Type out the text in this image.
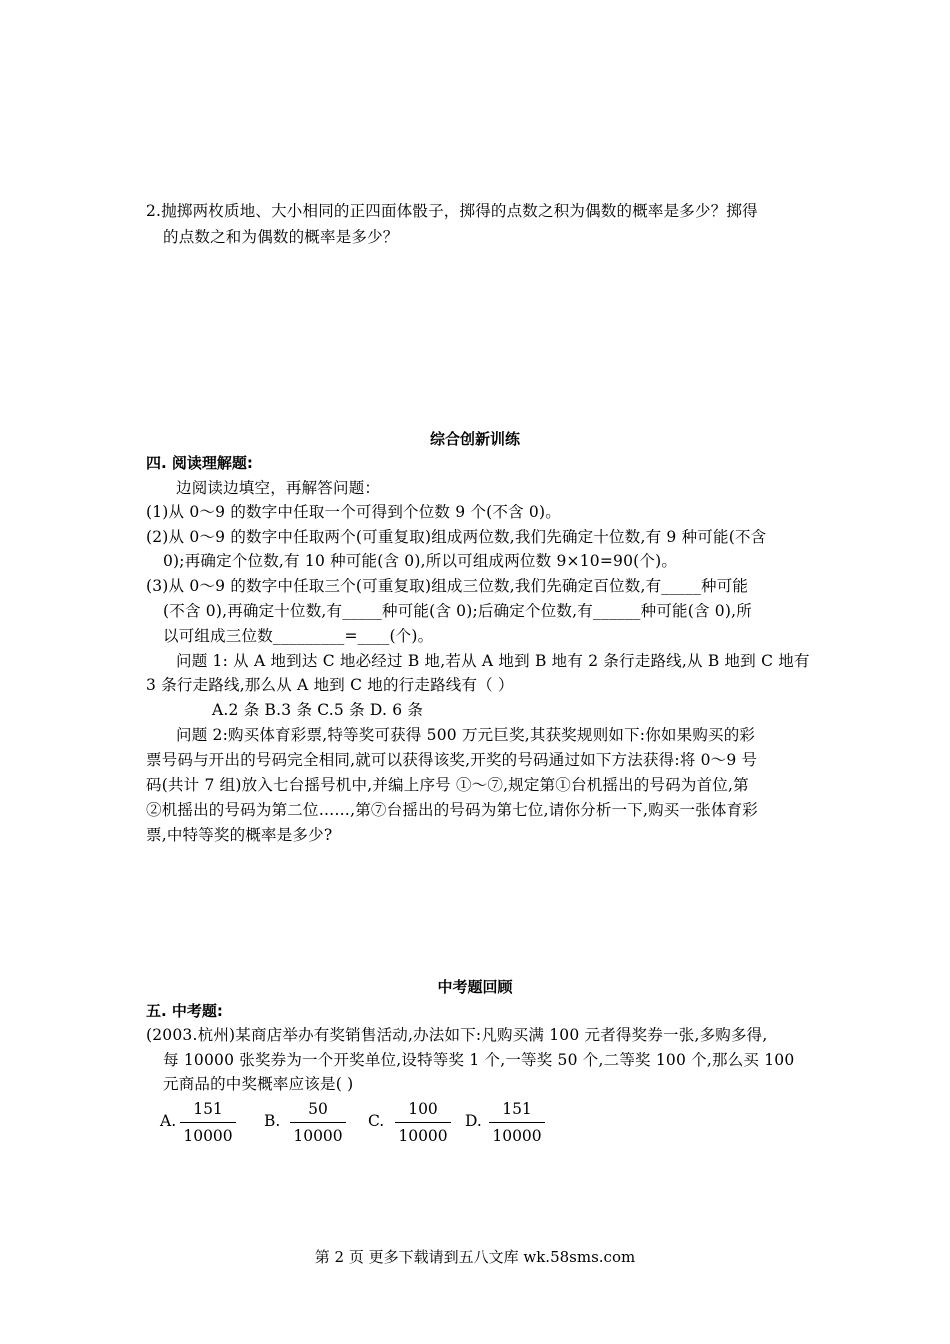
2.抛掷两枚质地、大小相同的正四面体骰子，掷得的点数之积为偶数的概率是多少？掷得
的点数之和为偶数的概率是多少？
综合创新训练
四. 阅读理解题:
边阅读边填空，再解答问题：
(1)从 0～9 的数字中任取一个可得到个位数 9 个(不含 0)。
(2)从 0～9 的数字中任取两个(可重复取)组成两位数,我们先确定十位数,有 9 种可能(不含
0);再确定个位数,有 10 种可能(含 0),所以可组成两位数 9×10=90(个)。
(3)从 0～9 的数字中任取三个(可重复取)组成三位数,我们先确定百位数,有_____种可能
(不含 0),再确定十位数,有_____种可能(含 0);后确定个位数,有______种可能(含 0),所
以可组成三位数_________=____(个)。
问题 1: 从 A 地到达 C 地必经过 B 地,若从 A 地到 B 地有 2 条行走路线,从 B 地到 C 地有
3 条行走路线,那么从 A 地到 C 地的行走路线有（ ）
A.2 条 B.3 条 C.5 条 D. 6 条
问题 2:购买体育彩票,特等奖可获得 500 万元巨奖,其获奖规则如下:你如果购买的彩
票号码与开出的号码完全相同,就可以获得该奖,开奖的号码通过如下方法获得:将 0～9 号
码(共计 7 组)放入七台摇号机中,并编上序号 ①～⑦,规定第①台机摇出的号码为首位,第
②机摇出的号码为第二位……,第⑦台摇出的号码为第七位,请你分析一下,购买一张体育彩
票,中特等奖的概率是多少?
中考题回顾
五. 中考题:
(2003.杭州)某商店举办有奖销售活动,办法如下:凡购买满 100 元者得奖券一张,多购多得,
每 10000 张奖券为一个开奖单位,设特等奖 1 个,一等奖 50 个,二等奖 100 个,那么买 100
元商品的中奖概率应该是( )
A.
151
10000
B.
50
10000
C.
100
10000
D.
151
10000
第 2 页 更多下载请到五八文库 wk.58sms.com
